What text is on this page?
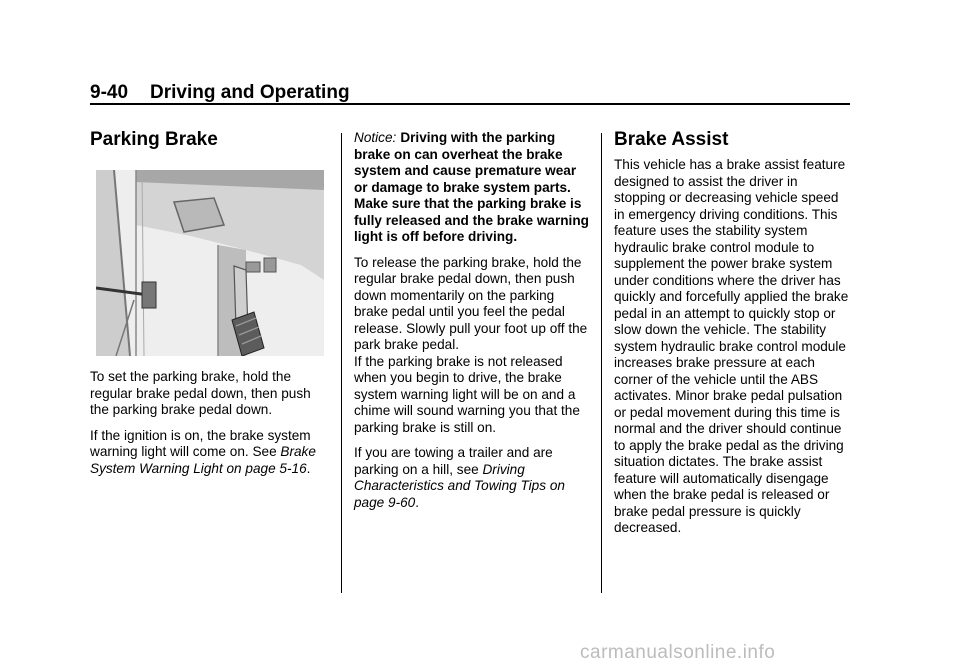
9-40 Driving and Operating
Parking Brake

To set the parking brake, hold the regular brake pedal down, then push the parking brake pedal down.

If the ignition is on, the brake system warning light will come on. See Brake System Warning Light on page 5-16.

Notice: Driving with the parking brake on can overheat the brake system and cause premature wear or damage to brake system parts. Make sure that the parking brake is fully released and the brake warning light is off before driving.

To release the parking brake, hold the regular brake pedal down, then push down momentarily on the parking brake pedal until you feel the pedal release. Slowly pull your foot up off the park brake pedal.

If the parking brake is not released when you begin to drive, the brake system warning light will be on and a chime will sound warning you that the parking brake is still on.

If you are towing a trailer and are parking on a hill, see Driving Characteristics and Towing Tips on page 9-60.

Brake Assist

This vehicle has a brake assist feature designed to assist the driver in stopping or decreasing vehicle speed in emergency driving conditions. This feature uses the stability system hydraulic brake control module to supplement the power brake system under conditions where the driver has quickly and forcefully applied the brake pedal in an attempt to quickly stop or slow down the vehicle. The stability system hydraulic brake control module increases brake pressure at each corner of the vehicle until the ABS activates. Minor brake pedal pulsation or pedal movement during this time is normal and the driver should continue to apply the brake pedal as the driving situation dictates. The brake assist feature will automatically disengage when the brake pedal is released or brake pedal pressure is quickly decreased.

carmanualsonline.info
